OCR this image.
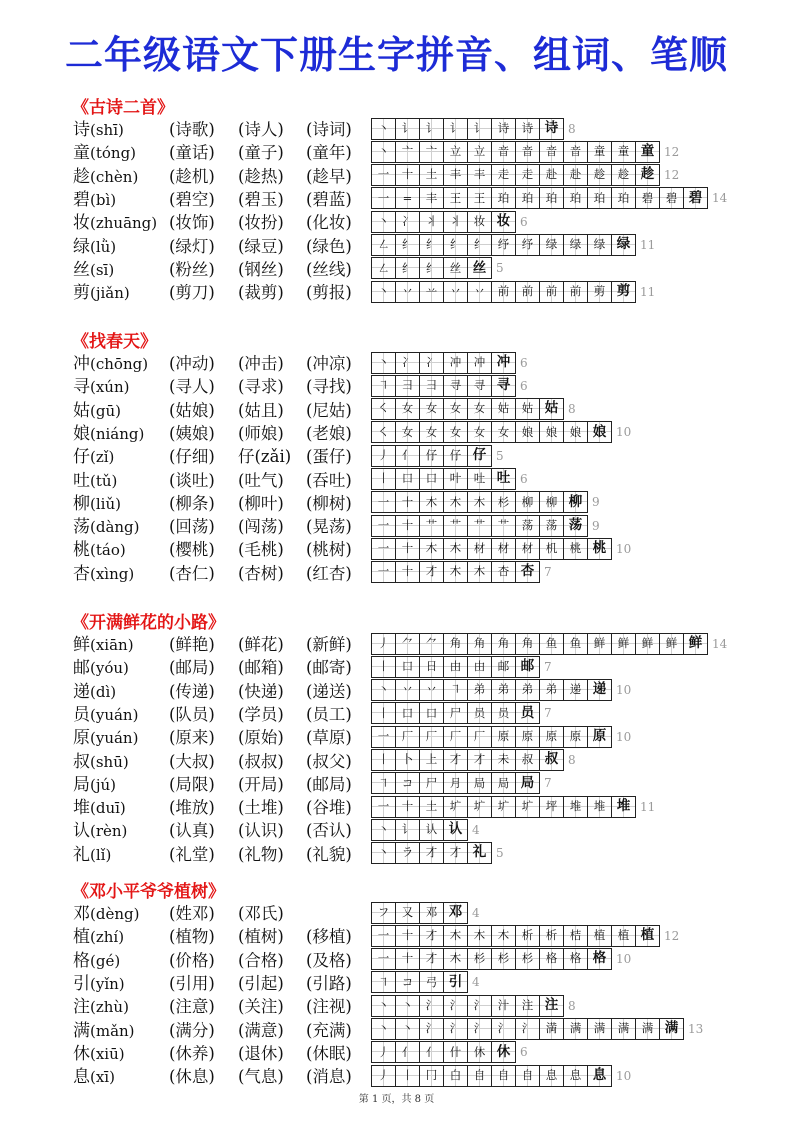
二年级语文下册生字拼音、组词、笔顺
《古诗二首》
诗(shī)	(诗歌) (诗人) (诗词)	丶	讠	讠	讠	讠	诗	诗 诗 8
童(tóng) (童话) (童子) (童年)	丶	亠	亠	立	立	音	音	音	音	童	童 童 12
趁(chèn) (趁机) (趁热) (趁早)	一	十	土	丰	丰	走	走	赴	赴	趁	趁 趁 12
碧(bì)	(碧空) (碧玉) (碧蓝)	一	=	丰	王	王	珀	珀	珀	珀	珀	珀	碧	碧 碧 14
妆(zhuāng) (妆饰) (妆扮) (化妆)	丶	冫	丬	丬	妆 妆 6
绿(lǜ)	(绿灯) (绿豆) (绿色)	㇜	纟	纟	纟	纟	纾	纾	绿	绿	绿 绿 11
丝(sī)	(粉丝) (钢丝) (丝线)	㇜	纟	纟	丝 丝 5
剪(jiǎn) (剪刀) (裁剪) (剪报)	丶	丷	䒑	丷	丷	前	前	前	前	剪 剪 11
《找春天》
冲(chōng) (冲动) (冲击) (冲凉)	丶	冫	冫	冲	冲 冲 6
寻(xún) (寻人) (寻求) (寻找)	㇕	⺕	⺕	寻	寻 寻 6
姑(gū)	(姑娘) (姑且) (尼姑)	㇛	女	女	女	女	姑	姑 姑 8
娘(niáng) (姨娘) (师娘) (老娘)	㇛	女	女	女	女	女	娘	娘	娘 娘 10
仔(zǐ)	(仔细) 仔(zǎi) (蛋仔)	丿	亻	仔	仔 仔 5
吐(tǔ)	(谈吐) (吐气) (吞吐)	丨	口	口	叶	吐 吐 6
柳(liǔ)	(柳条) (柳叶) (柳树)	一	十	木	木	木	杉	柳	柳 柳 9
荡(dàng) (回荡) (闯荡) (晃荡)	一	十	艹	艹	艹	艹	荡	荡 荡 9
桃(táo)	(樱桃) (毛桃) (桃树)	一	十	木	木	材	材	材	机	桃 桃 10
杏(xìng) (杏仁) (杏树) (红杏)	一	十	才	木	木	杏 杏 7
《开满鲜花的小路》
鲜(xiān) (鲜艳) (鲜花) (新鲜)	丿	⺈	⺈	角	角	角	角	鱼	鱼	鲜	鲜	鲜	鲜 鲜 14
邮(yóu) (邮局) (邮箱) (邮寄)	丨	口	日	由	由	邮 邮 7
递(dì)	(传递) (快递) (递送)	丶	丷	丷	㇕	弟	弟	弟	弟	递 递 10
员(yuán) (队员) (学员) (员工)	丨	口	口	尸	员	员 员 7
原(yuán) (原来) (原始) (草原)	一	厂	厂	厂	厂	原	原	原	原 原 10
叔(shū) (大叔) (叔叔) (叔父)	丨	卜	上	才	才	未	叔 叔 8
局(jú)	(局限) (开局) (邮局)	㇕	コ	尸	月	局	局 局 7
堆(duī)	(堆放) (土堆) (谷堆)	一	十	土	圹	圹	圹	圹	坪	堆	堆 堆 11
认(rèn)	(认真) (认识) (否认)	丶	讠	认 认 4
礼(lǐ)	(礼堂) (礼物) (礼貌)	丶	ラ	才	才 礼 5
《邓小平爷爷植树》
邓(dèng) (姓邓) (邓氏)	フ	又	邓 邓 4
植(zhí)	(植物) (植树) (移植)	一	十	才	木	木	木	析	析	桔	植	植 植 12
格(gé)	(价格) (合格) (及格)	一	十	才	木	杉	杉	杉	格	格 格 10
引(yǐn)	(引用) (引起) (引路)	㇕	コ	弓 引 4
注(zhù) (注意) (关注) (注视)	丶	丶	氵	氵	氵	汁	注 注 8
满(mǎn) (满分) (满意) (充满)	丶	丶	氵	氵	氵	氵	氵	満	满	满	满	满 满 13
休(xiū)	(休养) (退休) (休眠)	丿	亻	亻	什	休 休 6
息(xī)	(休息) (气息) (消息)	丿	丨	冂	白	自	自	自	息	息 息 10
第 1 页，共 8 页
